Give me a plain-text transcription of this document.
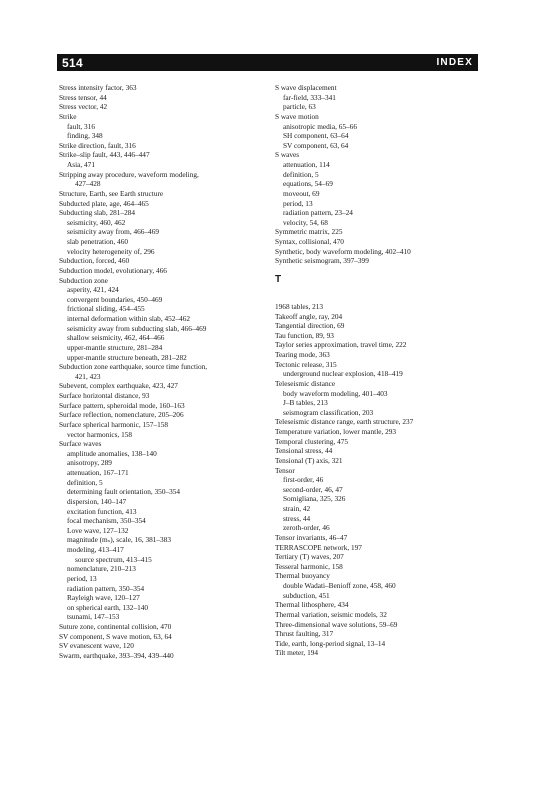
514	INDEX
Stress intensity factor, 363
Stress tensor, 44
Stress vector, 42
Strike
fault, 316
finding, 348
Strike direction, fault, 316
Strike–slip fault, 443, 446–447
Asia, 471
Stripping away procedure, waveform modeling,
427–428
Structure, Earth, see Earth structure
Subducted plate, age, 464–465
Subducting slab, 281–284
seismicity, 460, 462
seismicity away from, 466–469
slab penetration, 460
velocity heterogeneity of, 296
Subduction, forced, 460
Subduction model, evolutionary, 466
Subduction zone
asperity, 421, 424
convergent boundaries, 450–469
frictional sliding, 454–455
internal deformation within slab, 452–462
seismicity away from subducting slab, 466–469
shallow seismicity, 462, 464–466
upper-mantle structure, 281–284
upper-mantle structure beneath, 281–282
Subduction zone earthquake, source time function,
421, 423
Subevent, complex earthquake, 423, 427
Surface horizontal distance, 93
Surface pattern, spheroidal mode, 160–163
Surface reflection, nomenclature, 205–206
Surface spherical harmonic, 157–158
vector harmonics, 158
Surface waves
amplitude anomalies, 138–140
anisotropy, 289
attenuation, 167–171
definition, 5
determining fault orientation, 350–354
dispersion, 140–147
excitation function, 413
focal mechanism, 350–354
Love wave, 127–132
magnitude (mₛ), scale, 16, 381–383
modeling, 413–417
source spectrum, 413–415
nomenclature, 210–213
period, 13
radiation pattern, 350–354
Rayleigh wave, 120–127
on spherical earth, 132–140
tsunami, 147–153
Suture zone, continental collision, 470
SV component, S wave motion, 63, 64
SV evanescent wave, 120
Swarm, earthquake, 393–394, 439–440
S wave displacement
far-field, 333–341
particle, 63
S wave motion
anisotropic media, 65–66
SH component, 63–64
SV component, 63, 64
S waves
attenuation, 114
definition, 5
equations, 54–69
moveout, 69
period, 13
radiation pattern, 23–24
velocity, 54, 68
Symmetric matrix, 225
Syntax, collisional, 470
Synthetic, body waveform modeling, 402–410
Synthetic seismogram, 397–399
T
1968 tables, 213
Takeoff angle, ray, 204
Tangential direction, 69
Tau function, 89, 93
Taylor series approximation, travel time, 222
Tearing mode, 363
Tectonic release, 315
underground nuclear explosion, 418–419
Teleseismic distance
body waveform modeling, 401–403
J–B tables, 213
seismogram classification, 203
Teleseismic distance range, earth structure, 237
Temperature variation, lower mantle, 293
Temporal clustering, 475
Tensional stress, 44
Tensional (T) axis, 321
Tensor
first-order, 46
second-order, 46, 47
Somigliana, 325, 326
strain, 42
stress, 44
zeroth-order, 46
Tensor invariants, 46–47
TERRASCOPE network, 197
Tertiary (T) waves, 207
Tesseral harmonic, 158
Thermal buoyancy
double Wadati–Benioff zone, 458, 460
subduction, 451
Thermal lithosphere, 434
Thermal variation, seismic models, 32
Three-dimensional wave solutions, 59–69
Thrust faulting, 317
Tide, earth, long-period signal, 13–14
Tilt meter, 194
